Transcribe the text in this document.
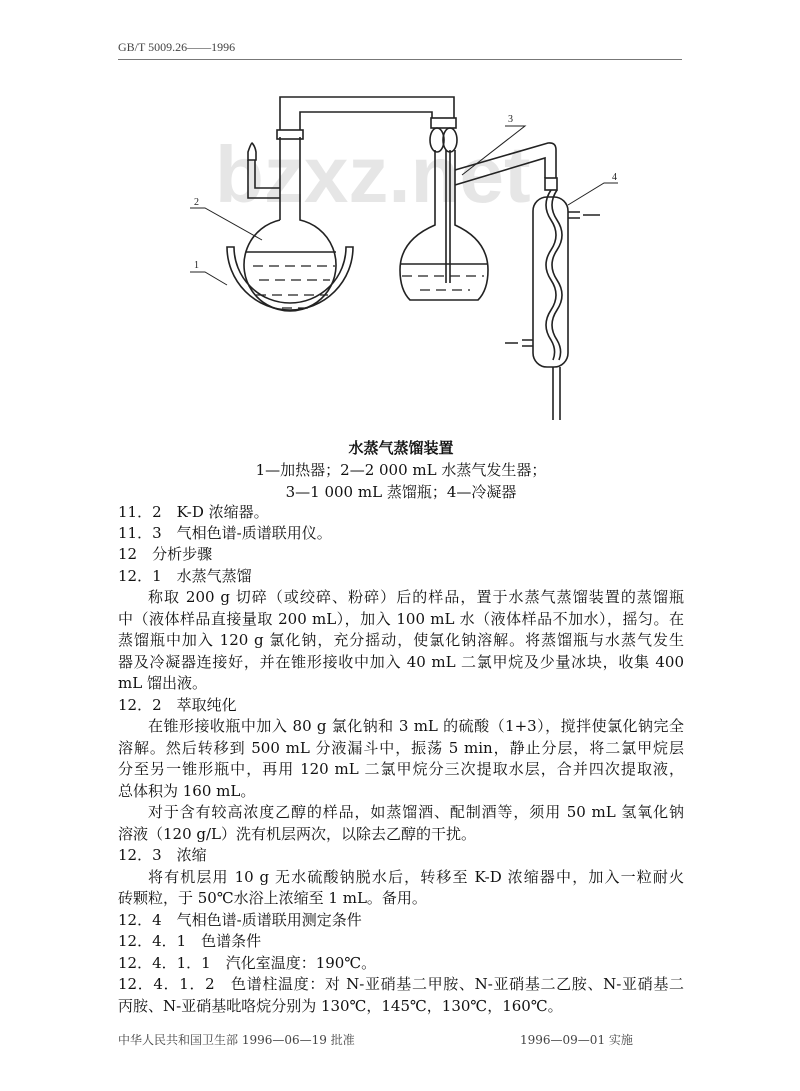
GB/T 5009.26——1996
bzxz.net
1
2
3
4
水蒸气蒸馏装置
1—加热器；2—2 000 mL 水蒸气发生器；
3—1 000 mL 蒸馏瓶；4—冷凝器
11．2　K-D 浓缩器。
11．3　气相色谱-质谱联用仪。
12　分析步骤
12．1　水蒸气蒸馏
称取 200 g 切碎（或绞碎、粉碎）后的样品，置于水蒸气蒸馏装置的蒸馏瓶
中（液体样品直接量取 200 mL），加入 100 mL 水（液体样品不加水），摇匀。在
蒸馏瓶中加入 120 g 氯化钠，充分摇动，使氯化钠溶解。将蒸馏瓶与水蒸气发生
器及冷凝器连接好，并在锥形接收中加入 40 mL 二氯甲烷及少量冰块，收集 400
mL 馏出液。
12．2　萃取纯化
在锥形接收瓶中加入 80 g 氯化钠和 3 mL 的硫酸（1+3），搅拌使氯化钠完全
溶解。然后转移到 500 mL 分液漏斗中，振荡 5 min，静止分层，将二氯甲烷层
分至另一锥形瓶中，再用 120 mL 二氯甲烷分三次提取水层，合并四次提取液，
总体积为 160 mL。
对于含有较高浓度乙醇的样品，如蒸馏酒、配制酒等，须用 50 mL 氢氧化钠
溶液（120 g/L）洗有机层两次，以除去乙醇的干扰。
12．3　浓缩
将有机层用 10 g 无水硫酸钠脱水后，转移至 K-D 浓缩器中，加入一粒耐火
砖颗粒，于 50℃水浴上浓缩至 1 mL。备用。
12．4　气相色谱-质谱联用测定条件
12．4．1　色谱条件
12．4．1．1　汽化室温度：190℃。
12．4．1．2　色谱柱温度：对 N-亚硝基二甲胺、N-亚硝基二乙胺、N-亚硝基二
丙胺、N-亚硝基吡咯烷分别为 130℃，145℃，130℃，160℃。
中华人民共和国卫生部 1996—06—19 批准	1996—09—01 实施
